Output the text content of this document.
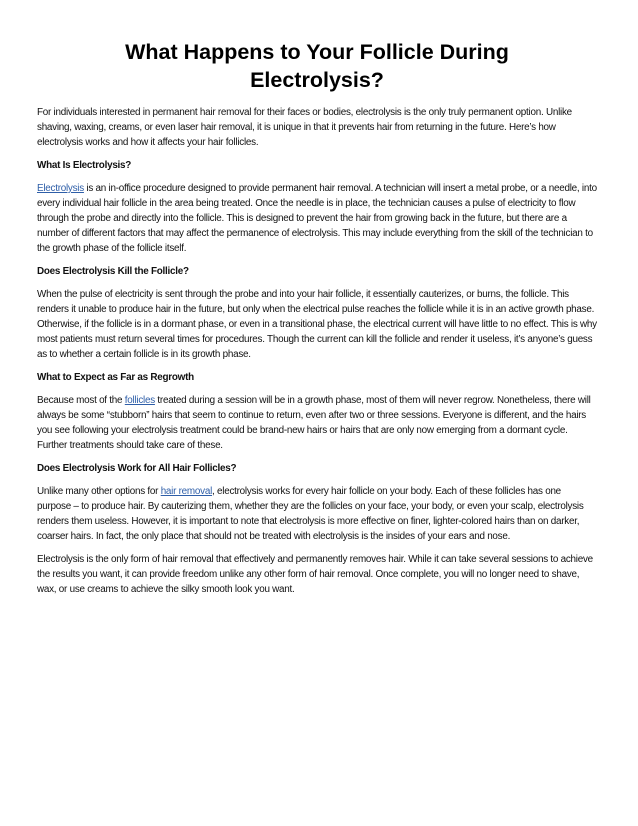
What Happens to Your Follicle During Electrolysis?

For individuals interested in permanent hair removal for their faces or bodies, electrolysis is the only truly permanent option. Unlike shaving, waxing, creams, or even laser hair removal, it is unique in that it prevents hair from returning in the future. Here’s how electrolysis works and how it affects your hair follicles.

What Is Electrolysis?

Electrolysis is an in-office procedure designed to provide permanent hair removal. A technician will insert a metal probe, or a needle, into every individual hair follicle in the area being treated. Once the needle is in place, the technician causes a pulse of electricity to flow through the probe and directly into the follicle. This is designed to prevent the hair from growing back in the future, but there are a number of different factors that may affect the permanence of electrolysis. This may include everything from the skill of the technician to the growth phase of the follicle itself.

Does Electrolysis Kill the Follicle?

When the pulse of electricity is sent through the probe and into your hair follicle, it essentially cauterizes, or burns, the follicle. This renders it unable to produce hair in the future, but only when the electrical pulse reaches the follicle while it is in an active growth phase. Otherwise, if the follicle is in a dormant phase, or even in a transitional phase, the electrical current will have little to no effect. This is why most patients must return several times for procedures. Though the current can kill the follicle and render it useless, it’s anyone’s guess as to whether a certain follicle is in its growth phase.

What to Expect as Far as Regrowth

Because most of the follicles treated during a session will be in a growth phase, most of them will never regrow. Nonetheless, there will always be some “stubborn” hairs that seem to continue to return, even after two or three sessions. Everyone is different, and the hairs you see following your electrolysis treatment could be brand-new hairs or hairs that are only now emerging from a dormant cycle. Further treatments should take care of these.

Does Electrolysis Work for All Hair Follicles?

Unlike many other options for hair removal, electrolysis works for every hair follicle on your body. Each of these follicles has one purpose – to produce hair. By cauterizing them, whether they are the follicles on your face, your body, or even your scalp, electrolysis renders them useless. However, it is important to note that electrolysis is more effective on finer, lighter-colored hairs than on darker, coarser hairs. In fact, the only place that should not be treated with electrolysis is the insides of your ears and nose.

Electrolysis is the only form of hair removal that effectively and permanently removes hair. While it can take several sessions to achieve the results you want, it can provide freedom unlike any other form of hair removal. Once complete, you will no longer need to shave, wax, or use creams to achieve the silky smooth look you want.
